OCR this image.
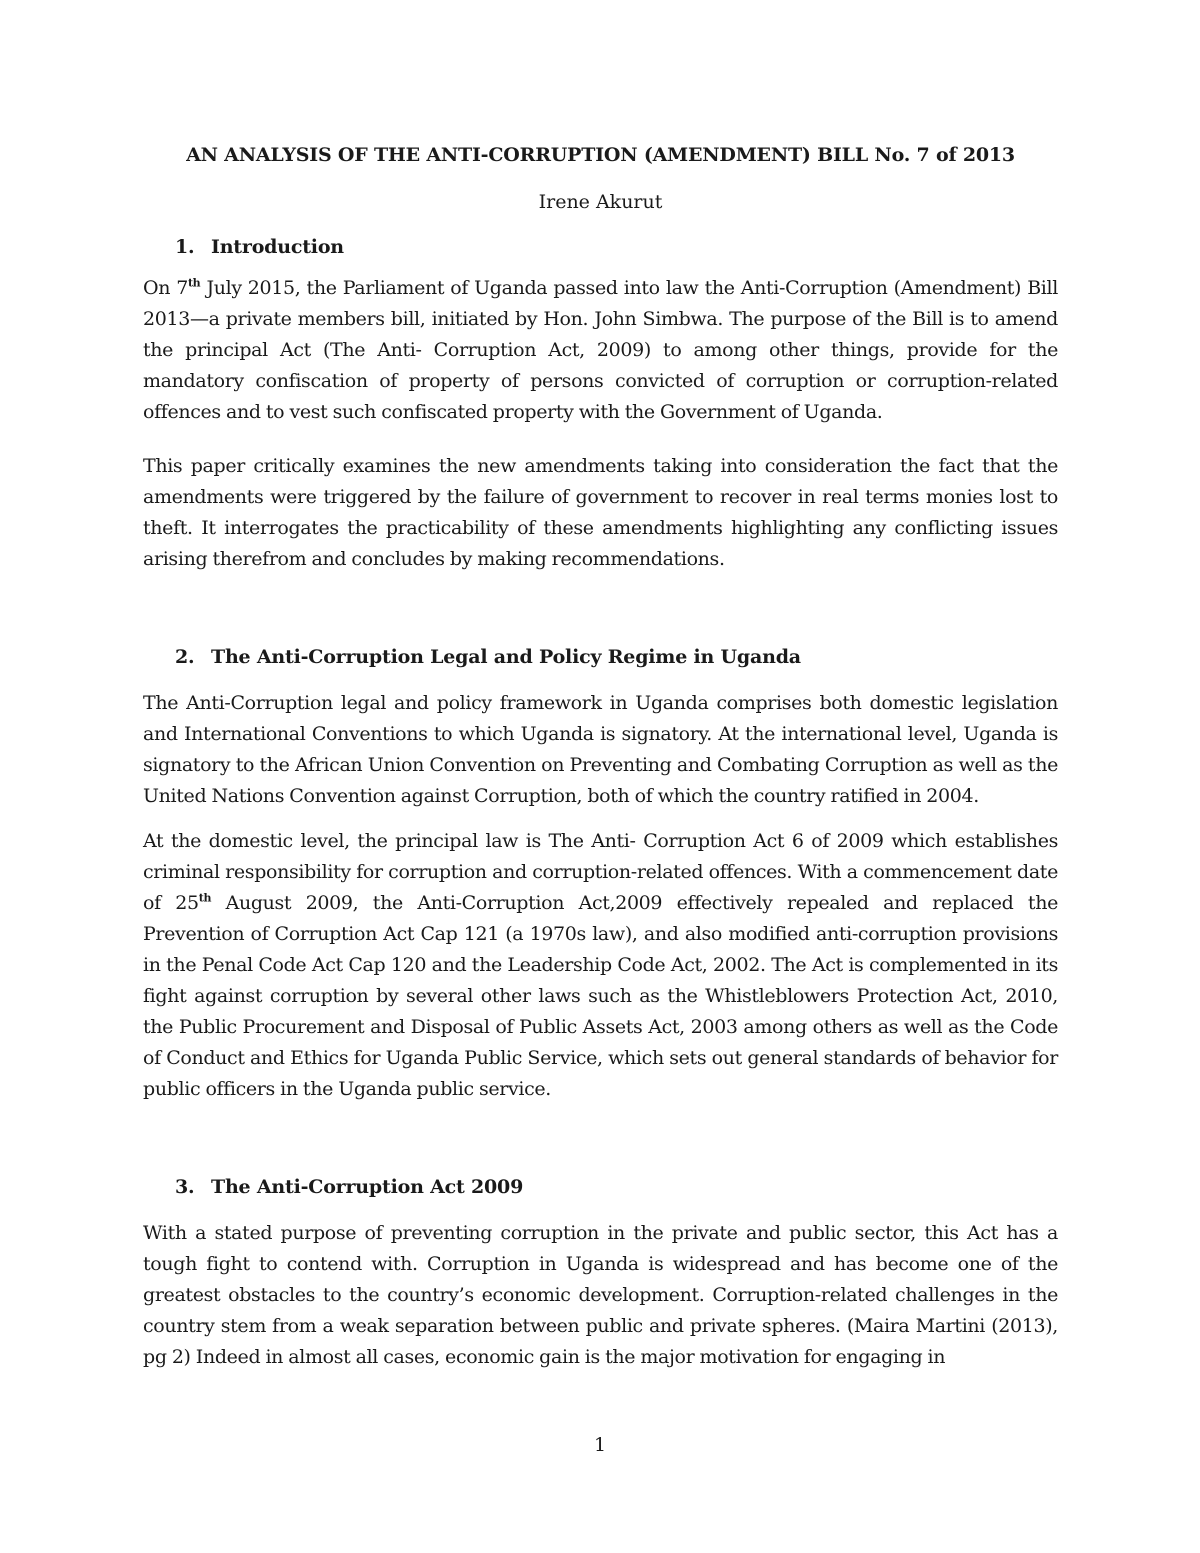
AN ANALYSIS OF THE ANTI-CORRUPTION (AMENDMENT) BILL No. 7 of 2013

Irene Akurut

1. Introduction

On 7th July 2015, the Parliament of Uganda passed into law the Anti-Corruption (Amendment) Bill 2013—a private members bill, initiated by Hon. John Simbwa. The purpose of the Bill is to amend the principal Act (The Anti- Corruption Act, 2009) to among other things, provide for the mandatory confiscation of property of persons convicted of corruption or corruption-related offences and to vest such confiscated property with the Government of Uganda.

This paper critically examines the new amendments taking into consideration the fact that the amendments were triggered by the failure of government to recover in real terms monies lost to theft. It interrogates the practicability of these amendments highlighting any conflicting issues arising therefrom and concludes by making recommendations.

2. The Anti-Corruption Legal and Policy Regime in Uganda

The Anti-Corruption legal and policy framework in Uganda comprises both domestic legislation and International Conventions to which Uganda is signatory. At the international level, Uganda is signatory to the African Union Convention on Preventing and Combating Corruption as well as the United Nations Convention against Corruption, both of which the country ratified in 2004.

At the domestic level, the principal law is The Anti- Corruption Act 6 of 2009 which establishes criminal responsibility for corruption and corruption-related offences. With a commencement date of 25th August 2009, the Anti-Corruption Act,2009 effectively repealed and replaced the Prevention of Corruption Act Cap 121 (a 1970s law), and also modified anti-corruption provisions in the Penal Code Act Cap 120 and the Leadership Code Act, 2002. The Act is complemented in its fight against corruption by several other laws such as the Whistleblowers Protection Act, 2010, the Public Procurement and Disposal of Public Assets Act, 2003 among others as well as the Code of Conduct and Ethics for Uganda Public Service, which sets out general standards of behavior for public officers in the Uganda public service.

3. The Anti-Corruption Act 2009

With a stated purpose of preventing corruption in the private and public sector, this Act has a tough fight to contend with. Corruption in Uganda is widespread and has become one of the greatest obstacles to the country’s economic development. Corruption-related challenges in the country stem from a weak separation between public and private spheres. (Maira Martini (2013), pg 2) Indeed in almost all cases, economic gain is the major motivation for engaging in

1
